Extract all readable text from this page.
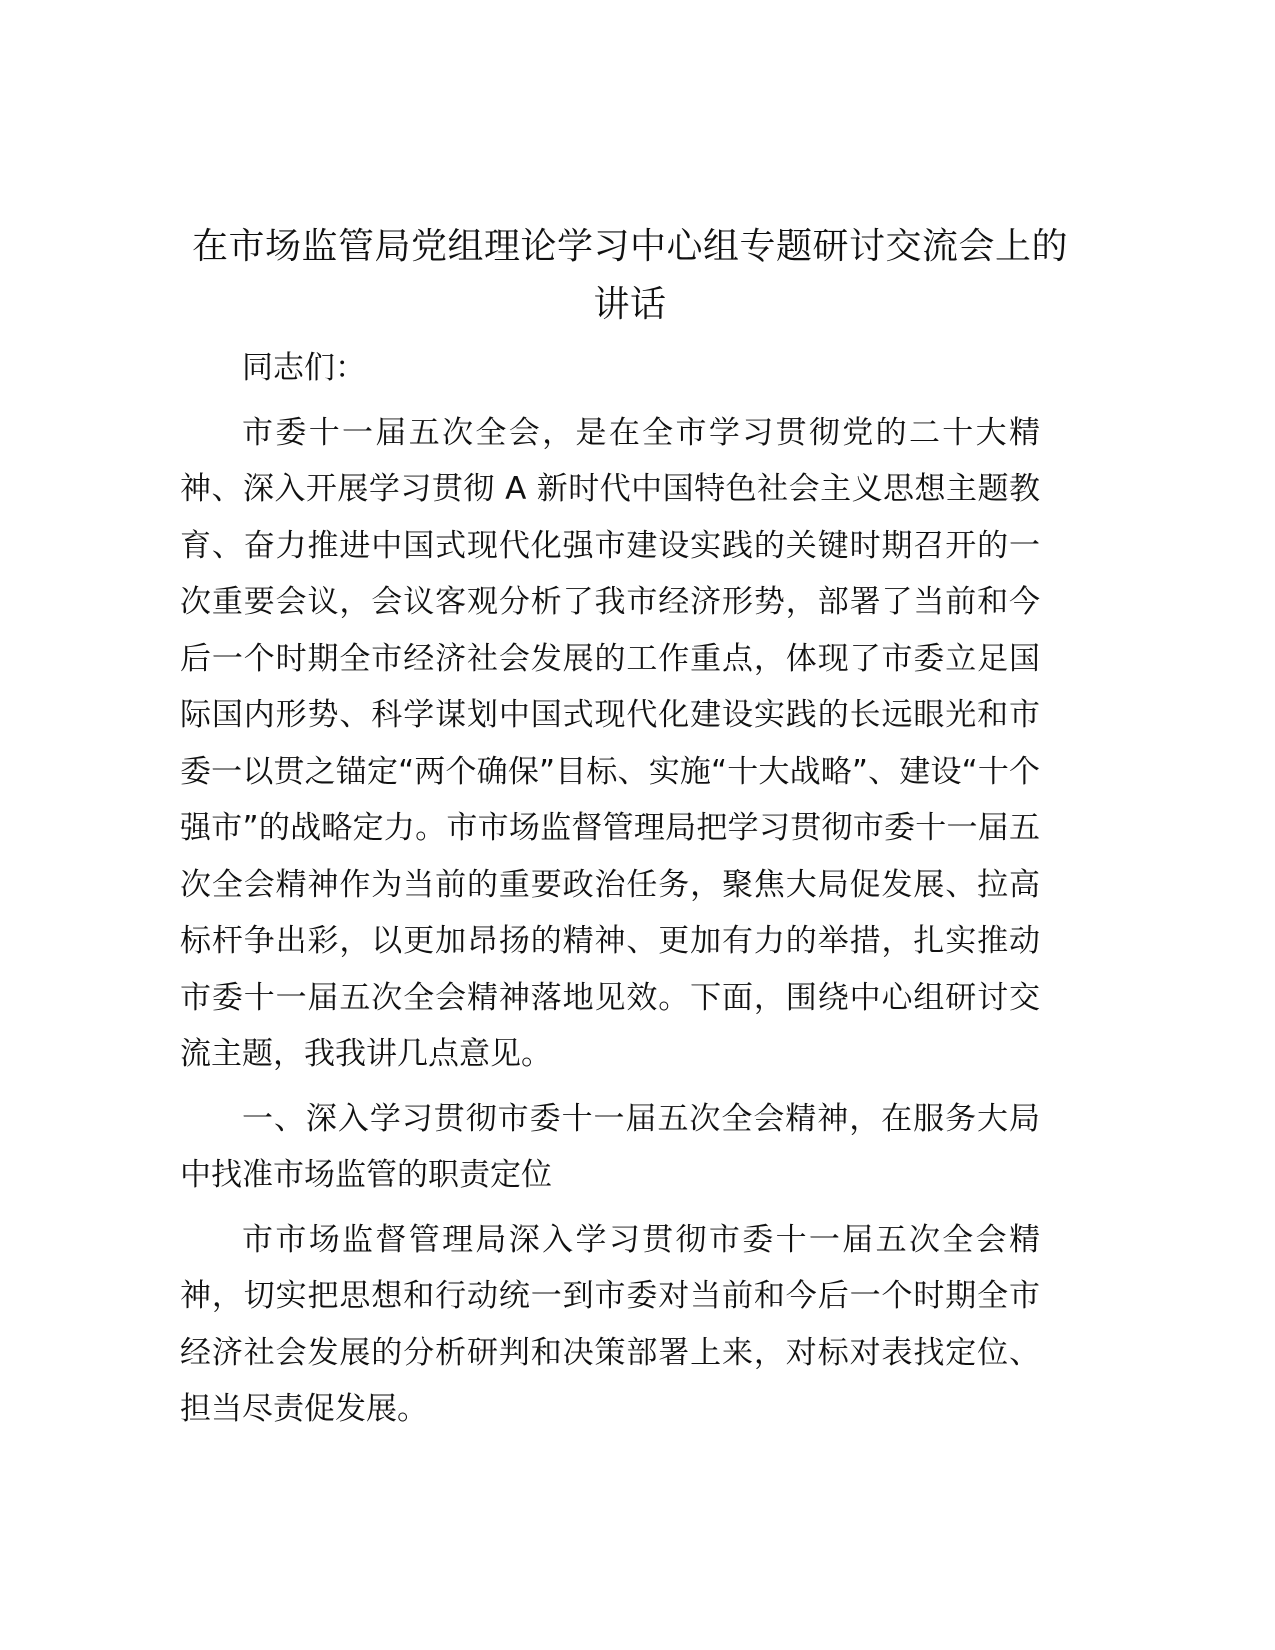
在市场监管局党组理论学习中心组专题研讨交流会上的讲话

同志们：

市委十一届五次全会，是在全市学习贯彻党的二十大精神、深入开展学习贯彻 A 新时代中国特色社会主义思想主题教育、奋力推进中国式现代化强市建设实践的关键时期召开的一次重要会议，会议客观分析了我市经济形势，部署了当前和今后一个时期全市经济社会发展的工作重点，体现了市委立足国际国内形势、科学谋划中国式现代化建设实践的长远眼光和市委一以贯之锚定“两个确保”目标、实施“十大战略”、建设“十个强市”的战略定力。市市场监督管理局把学习贯彻市委十一届五次全会精神作为当前的重要政治任务，聚焦大局促发展、拉高标杆争出彩，以更加昂扬的精神、更加有力的举措，扎实推动市委十一届五次全会精神落地见效。下面，围绕中心组研讨交流主题，我我讲几点意见。

一、深入学习贯彻市委十一届五次全会精神，在服务大局中找准市场监管的职责定位

市市场监督管理局深入学习贯彻市委十一届五次全会精神，切实把思想和行动统一到市委对当前和今后一个时期全市经济社会发展的分析研判和决策部署上来，对标对表找定位、担当尽责促发展。
